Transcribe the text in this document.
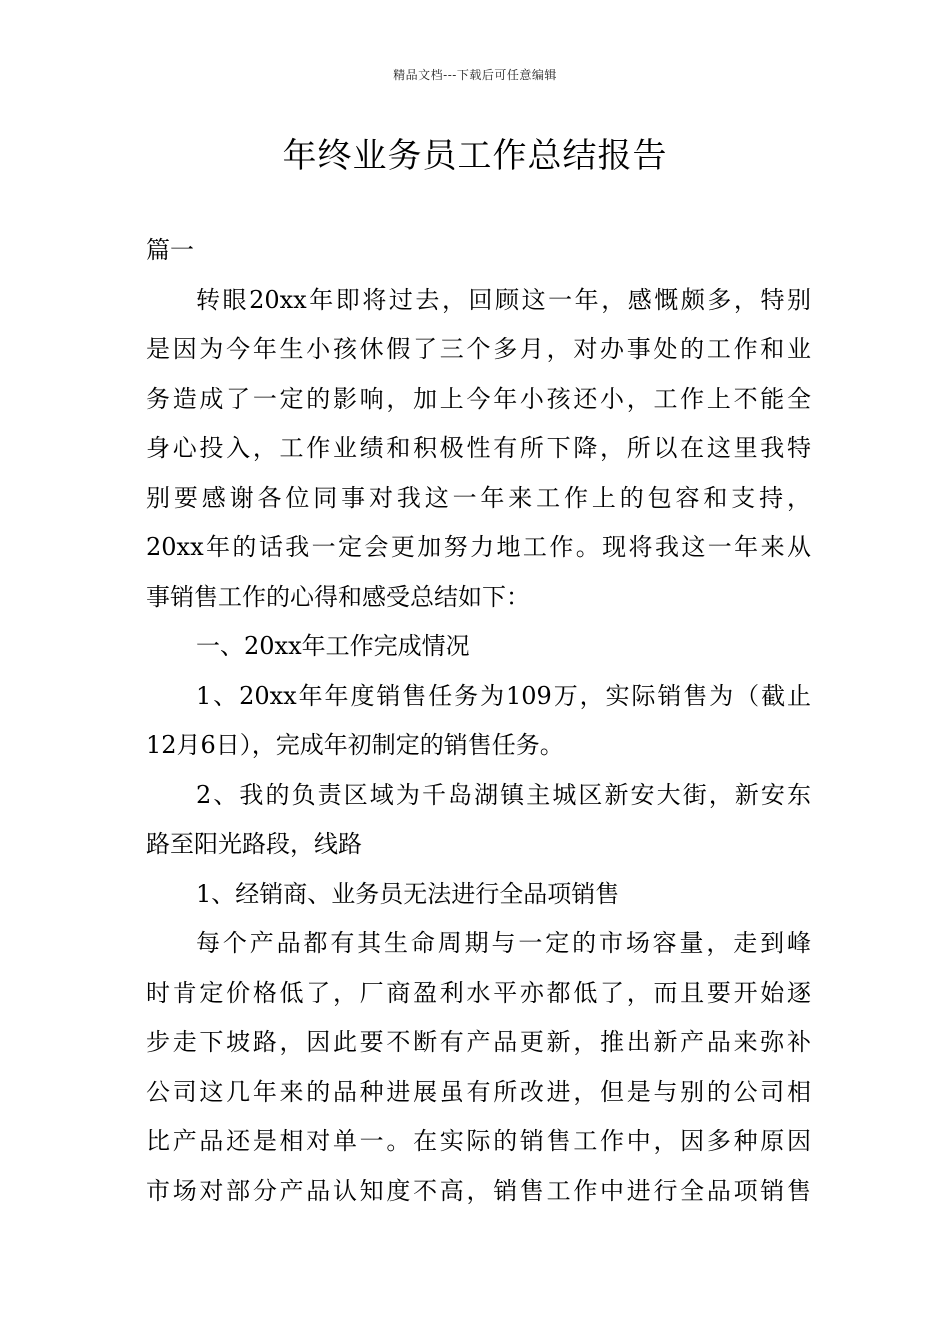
精品文档---下载后可任意编辑
年终业务员工作总结报告
篇一
转眼20xx年即将过去，回顾这一年，感慨颇多，特别
是因为今年生小孩休假了三个多月，对办事处的工作和业
务造成了一定的影响，加上今年小孩还小，工作上不能全
身心投入，工作业绩和积极性有所下降，所以在这里我特
别要感谢各位同事对我这一年来工作上的包容和支持，
20xx年的话我一定会更加努力地工作。现将我这一年来从
事销售工作的心得和感受总结如下：
一、20xx年工作完成情况
1、20xx年年度销售任务为109万，实际销售为（截止
12月6日），完成年初制定的销售任务。
2、我的负责区域为千岛湖镇主城区新安大街，新安东
路至阳光路段，线路
1、经销商、业务员无法进行全品项销售
每个产品都有其生命周期与一定的市场容量，走到峰
时肯定价格低了，厂商盈利水平亦都低了，而且要开始逐
步走下坡路，因此要不断有产品更新，推出新产品来弥补
公司这几年来的品种进展虽有所改进，但是与别的公司相
比产品还是相对单一。在实际的销售工作中，因多种原因
市场对部分产品认知度不高，销售工作中进行全品项销售
